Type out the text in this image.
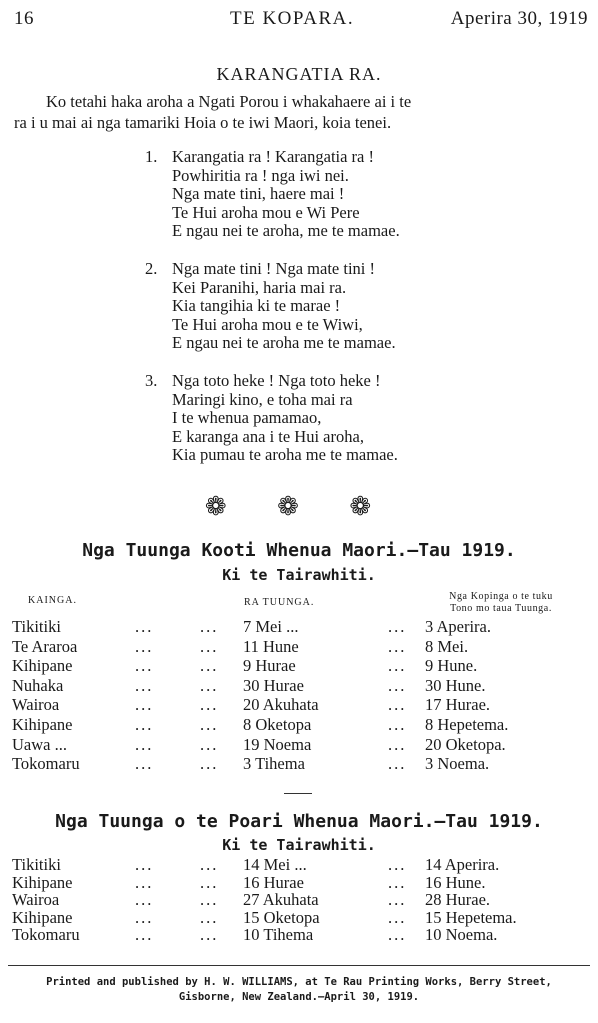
16	TE KOPARA.	Aperira 30, 1919
KARANGATIA RA.
Ko tetahi haka aroha a Ngati Porou i whakahaere ai i te
ra i u mai ai nga tamariki Hoia o te iwi Maori, koia tenei.
1. Karangatia ra ! Karangatia ra !
Powhiritia ra ! nga iwi nei.
Nga mate tini, haere mai !
Te Hui aroha mou e Wi Pere
E ngau nei te aroha, me te mamae.
2. Nga mate tini ! Nga mate tini !
Kei Paranihi, haria mai ra.
Kia tangihia ki te marae !
Te Hui aroha mou e te Wiwi,
E ngau nei te aroha me te mamae.
3. Nga toto heke ! Nga toto heke !
Maringi kino, e toha mai ra
I te whenua pamamao,
E karanga ana i te Hui aroha,
Kia pumau te aroha me te mamae.
❁ ❁ ❁
Nga Tuunga Kooti Whenua Maori.—Tau 1919.
Ki te Tairawhiti.
KAINGA.	RA TUUNGA.
Nga Kopinga o te tuku
Tono mo taua Tuunga.
Tikitiki	...	... 7 Mei ...	... 3 Aperira.
Te Araroa	...	... 11 Hune	... 8 Mei.
Kihipane	...	... 9 Hurae	... 9 Hune.
Nuhaka	...	... 30 Hurae	... 30 Hune.
Wairoa	...	... 20 Akuhata	... 17 Hurae.
Kihipane	...	... 8 Oketopa	... 8 Hepetema.
Uawa ...	...	... 19 Noema	... 20 Oketopa.
Tokomaru	...	... 3 Tihema	... 3 Noema.
Nga Tuunga o te Poari Whenua Maori.—Tau 1919.
Ki te Tairawhiti.
Tikitiki	...	... 14 Mei ...	... 14 Aperira.
Kihipane	...	... 16 Hurae	... 16 Hune.
Wairoa	...	... 27 Akuhata	... 28 Hurae.
Kihipane	...	... 15 Oketopa	... 15 Hepetema.
Tokomaru	...	... 10 Tihema	... 10 Noema.
Printed and published by H. W. WILLIAMS, at Te Rau Printing Works, Berry Street,
Gisborne, New Zealand.—April 30, 1919.
